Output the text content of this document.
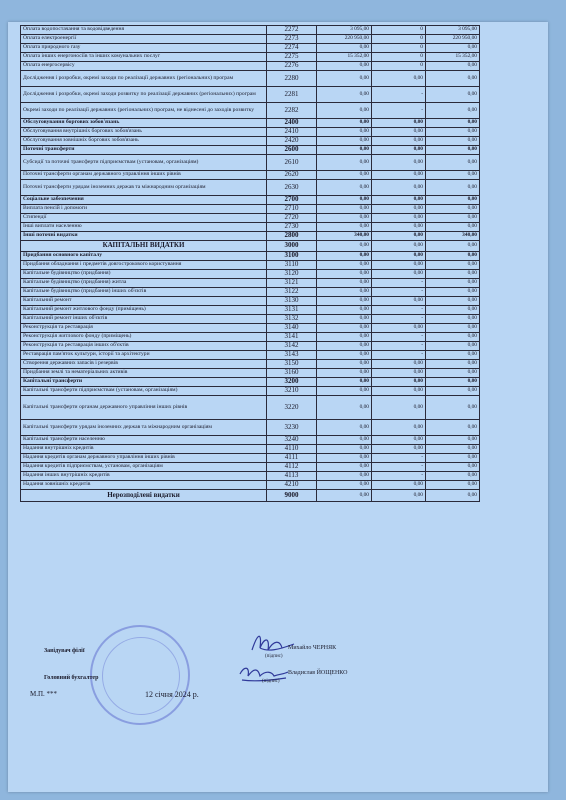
Оплата водопостачання та водовідведення	2272	3 095,00	0	3 095,00
Оплата електроенергії	2273	220 950,00	0	220 950,00
Оплата природного газу	2274	0,00	0	0,00
Оплата інших енергоносіїв та інших комунальних послуг	2275	15 352,00	0	15 352,00
Оплата енергосервісу	2276	0,00	0	0,00
Дослідження і розробки, окремі заходи по реалізації державних (регіональних) програм	2280	0,00	0,00	0,00
Дослідження і розробки, окремі заходи розвитку по реалізації державних (регіональних) програм	2281	0,00	-	0,00
Окремі заходи по реалізації державних (регіональних) програм, не віднесені до заходів розвитку	2282	0,00	-	0,00
Обслуговування боргових зобов'язань	2400	0,00	0,00	0,00
Обслуговування внутрішніх боргових зобов'язань	2410	0,00	0,00	0,00
Обслуговування зовнішніх боргових зобов'язань	2420	0,00	0,00	0,00
Поточні трансферти	2600	0,00	0,00	0,00
Субсидії та поточні трансферти підприємствам (установам, організаціям)	2610	0,00	0,00	0,00
Поточні трансферти органам державного управління інших рівнів	2620	0,00	0,00	0,00
Поточні трансферти урядам іноземних держав та міжнародним організаціям	2630	0,00	0,00	0,00
Соціальне забезпечення	2700	0,00	0,00	0,00
Виплата пенсій і допомоги	2710	0,00	0,00	0,00
Стипендії	2720	0,00	0,00	0,00
Інші виплати населенню	2730	0,00	0,00	0,00
Інші поточні видатки	2800	340,00	0,00	340,00
КАПІТАЛЬНІ ВИДАТКИ	3000	0,00	0,00	0,00
Придбання основного капіталу	3100	0,00	0,00	0,00
Придбання обладнання і предметів довгострокового користування	3110	0,00	0,00	0,00
Капітальне будівництво (придбання)	3120	0,00	0,00	0,00
Капітальне будівництво (придбання) житла	3121	0,00	-	0,00
Капітальне будівництво (придбання) інших об'єктів	3122	0,00	-	0,00
Капітальний ремонт	3130	0,00	0,00	0,00
Капітальний ремонт житлового фонду (приміщень)	3131	0,00	-	0,00
Капітальний ремонт інших об'єктів	3132	0,00	-	0,00
Реконструкція та реставрація	3140	0,00	0,00	0,00
Реконструкція житлового фонду (приміщень)	3141	0,00	-	0,00
Реконструкція та реставрація інших об'єктів	3142	0,00	-	0,00
Реставрація пам'яток культури, історії та архітектури	3143	0,00	-	0,00
Створення державних запасів і резервів	3150	0,00	0,00	0,00
Придбання землі та нематеріальних активів	3160	0,00	0,00	0,00
Капітальні трансферти	3200	0,00	0,00	0,00
Капітальні трансферти підприємствам (установам, організаціям)	3210	0,00	0,00	0,00
Капітальні трансферти органам державного управління інших рівнів	3220	0,00	0,00	0,00
Капітальні трансферти урядам іноземних держав та міжнародним організаціям	3230	0,00	0,00	0,00
Капітальні трансферти населенню	3240	0,00	0,00	0,00
Надання внутрішніх кредитів	4110	0,00	0,00	0,00
Надання кредитів органам державного управління інших рівнів	4111	0,00	-	0,00
Надання кредитів підприємствам, установам, організаціям	4112	0,00	-	0,00
Надання інших внутрішніх кредитів	4113	0,00	-	0,00
Надання зовнішніх кредитів	4210	0,00	0,00	0,00
Нерозподілені видатки	9000	0,00	0,00	0,00
Завідувач філії
Головний бухгалтер
М.П. ***	12 січня 2024 р.
Михайло ЧЕРНЯК
(підпис)
Владислав ЙОЩЕНКО
(підпис)
